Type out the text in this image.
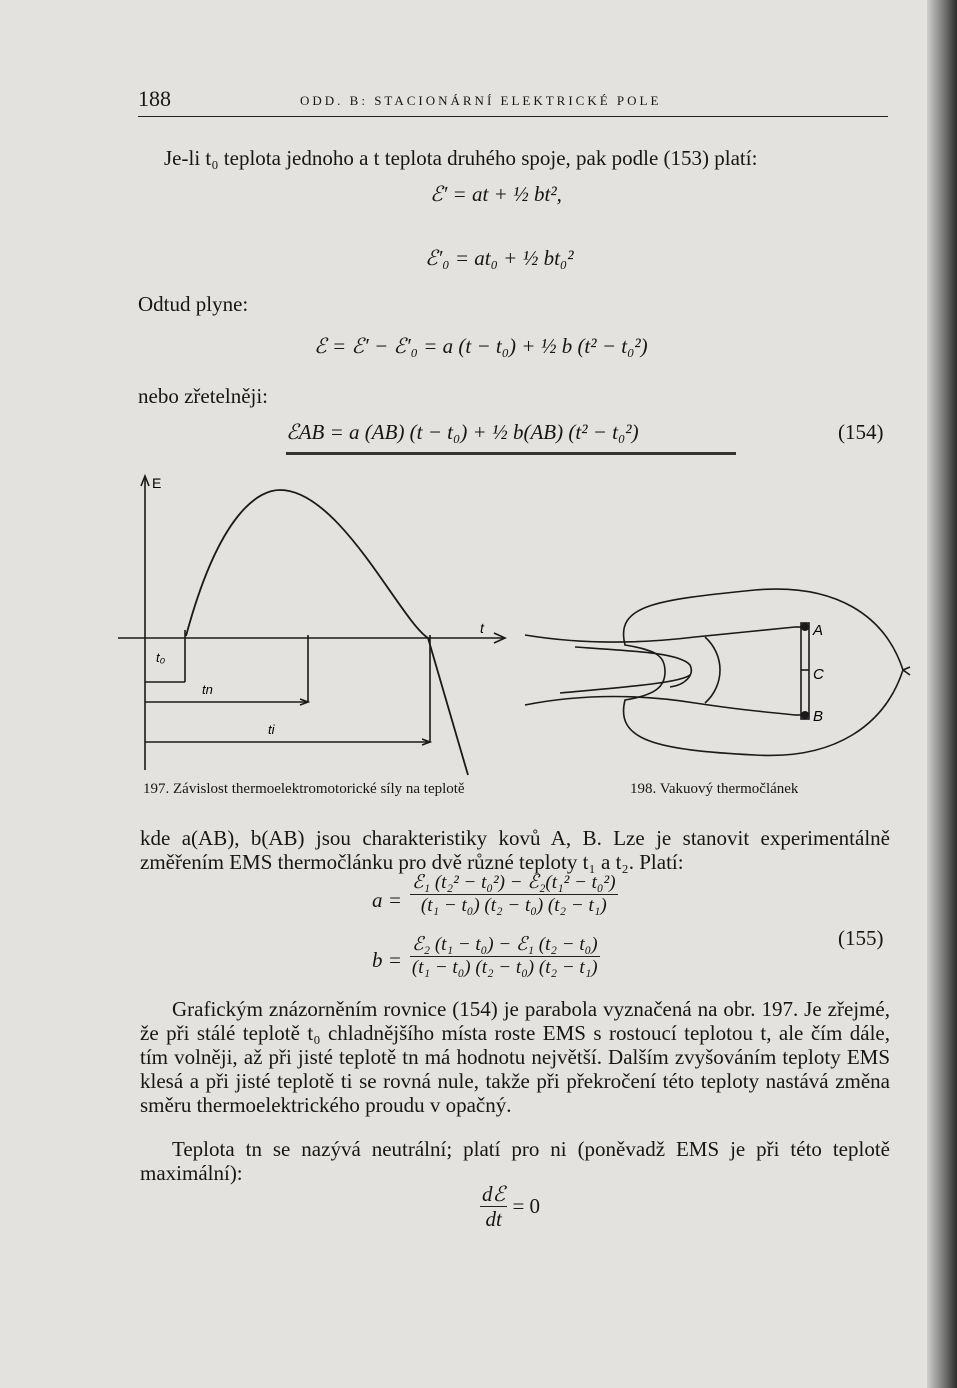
188	ODD. B: STACIONÁRNÍ ELEKTRICKÉ POLE
Je-li t₀ teplota jednoho a t teplota druhého spoje, pak podle (153) platí:
ℰ′ = at + ½ bt²,
ℰ′₀ = at₀ + ½ bt₀²
Odtud plyne:
ℰ = ℰ′ − ℰ′₀ = a (t − t₀) + ½ b (t² − t₀²)
nebo zřetelněji:
ℰAB = a (AB) (t − t₀) + ½ b(AB) (t² − t₀²)	(154)
E
t
t₀
tn
ti
A
C
B
197. Závislost thermoelektromotorické síly na teplotě	198. Vakuový thermočlánek

kde a(AB), b(AB) jsou charakteristiky kovů A, B. Lze je stanovit experimentálně změřením EMS thermočlánku pro dvě různé teploty t₁ a t₂. Platí:

$a = \frac{\text{ℰ₁ (t₂² − t₀²) − ℰ₂(t₁² − t₀²)}}{\text{(t₁ − t₀) (t₂ − t₀) (t₂ − t₁)}}$
$b = \frac{\text{ℰ₂ (t₁ − t₀) − ℰ₁ (t₂ − t₀)}}{\text{(t₁ − t₀) (t₂ − t₀) (t₂ − t₁)}}$	(155)

Grafickým znázorněním rovnice (154) je parabola vyznačená na obr. 197. Je zřejmé, že při stálé teplotě t₀ chladnějšího místa roste EMS s rostoucí teplotou t, ale čím dále, tím volněji, až při jisté teplotě tn má hodnotu největší. Dalším zvyšováním teploty EMS klesá a při jisté teplotě ti se rovná nule, takže při překročení této teploty nastává změna směru thermoelektrického proudu v opačný.

Teplota tn se nazývá neutrální; platí pro ni (poněvadž EMS je při této teplotě maximální):

$\frac{\text{dℰ}}{dt} = 0$
